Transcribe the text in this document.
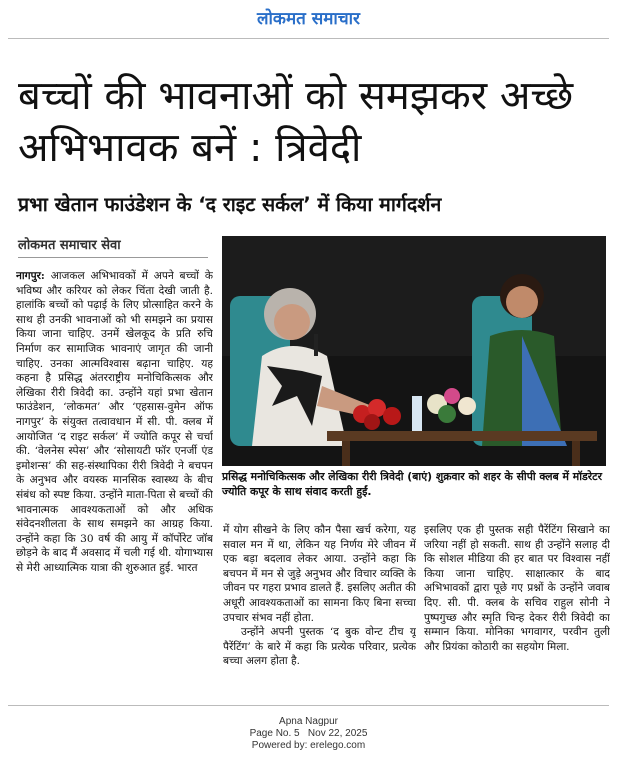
लोकमत समाचार
बच्चों की भावनाओं को समझकर अच्छे अभिभावक बनें : त्रिवेदी
प्रभा खेतान फाउंडेशन के ‘द राइट सर्कल’ में किया मार्गदर्शन
लोकमत समाचार सेवा

नागपुर: आजकल अभिभावकों में अपने बच्चों के भविष्य और करियर को लेकर चिंता देखी जाती है. हालांकि बच्चों को पढ़ाई के लिए प्रोत्साहित करने के साथ ही उनकी भावनाओं को भी समझने का प्रयास किया जाना चाहिए. उनमें खेलकूद के प्रति रुचि निर्माण कर सामाजिक भावनाएं जागृत की जानी चाहिए. उनका आत्मविश्वास बढ़ाना चाहिए. यह कहना है प्रसिद्ध अंतरराष्ट्रीय मनोचिकित्सक और लेखिका रीरी त्रिवेदी का. उन्होंने यहां प्रभा खेतान फाउंडेशन, ‘लोकमत’ और ‘एहसास-वुमेन ऑफ नागपुर’ के संयुक्त तत्वावधान में सी. पी. क्लब में आयोजित ‘द राइट सर्कल’ में ज्योति कपूर से चर्चा की. ‘वेलनेस स्पेस’ और ‘सोसायटी फॉर एनर्जी एंड इमोशन्स’ की सह-संस्थापिका रीरी त्रिवेदी ने बचपन के अनुभव और वयस्क मानसिक स्वास्थ्य के बीच संबंध को स्पष्ट किया. उन्होंने माता-पिता से बच्चों की भावनात्मक आवश्यकताओं को और अधिक संवेदनशीलता के साथ समझने का आग्रह किया. उन्होंने कहा कि 30 वर्ष की आयु में कॉर्पोरेट जॉब छोड़ने के बाद मैं अवसाद में चली गई थी. योगाभ्यास से मेरी आध्यात्मिक यात्रा की शुरुआत हुई. भारत

प्रसिद्ध मनोचिकित्सक और लेखिका रीरी त्रिवेदी (बाएं) शुक्रवार को शहर के सीपी क्लब में मॉडरेटर ज्योति कपूर के साथ संवाद करती हुईं.

में योग सीखने के लिए कौन पैसा खर्च करेगा, यह सवाल मन में था, लेकिन यह निर्णय मेरे जीवन में एक बड़ा बदलाव लेकर आया. उन्होंने कहा कि बचपन में मन से जुड़े अनुभव और विचार व्यक्ति के जीवन पर गहरा प्रभाव डालते हैं. इसलिए अतीत की अधूरी आवश्यकताओं का सामना किए बिना सच्चा उपचार संभव नहीं होता.

उन्होंने अपनी पुस्तक ‘द बुक वोन्ट टीच यू पैरेंटिंग’ के बारे में कहा कि प्रत्येक परिवार, प्रत्येक बच्चा अलग होता है.

इसलिए एक ही पुस्तक सही पैरेंटिंग सिखाने का जरिया नहीं हो सकती. साथ ही उन्होंने सलाह दी कि सोशल मीडिया की हर बात पर विश्वास नहीं किया जाना चाहिए. साक्षात्कार के बाद अभिभावकों द्वारा पूछे गए प्रश्नों के उन्होंने जवाब दिए. सी. पी. क्लब के सचिव राहुल सोनी ने पुष्पगुच्छ और स्मृति चिन्ह देकर रीरी त्रिवेदी का सम्मान किया. मोनिका भगवागर, परवीन तुली और प्रियंका कोठारी का सहयोग मिला.

Apna Nagpur
Page No. 5   Nov 22, 2025
Powered by: erelego.com
